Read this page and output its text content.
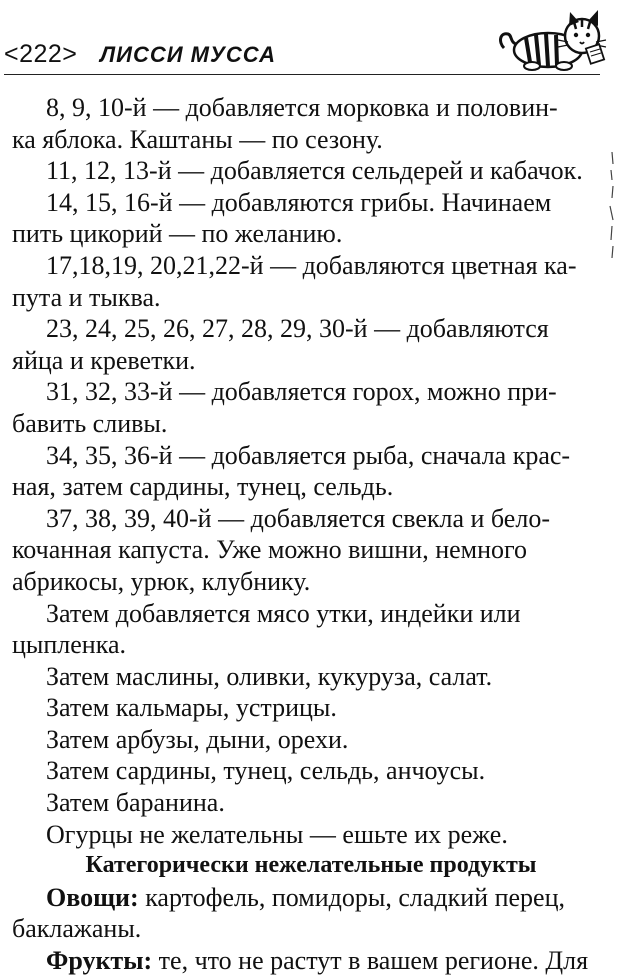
<222> ЛИССИ МУССА

8, 9, 10-й — добавляется морковка и половин-
ка яблока. Каштаны — по сезону.

11, 12, 13-й — добавляется сельдерей и кабачок.

14, 15, 16-й — добавляются грибы. Начинаем
пить цикорий — по желанию.

17,18,19, 20,21,22-й — добавляются цветная ка-
пута и тыква.

23, 24, 25, 26, 27, 28, 29, 30-й — добавляются
яйца и креветки.

31, 32, 33-й — добавляется горох, можно при-
бавить сливы.

34, 35, 36-й — добавляется рыба, сначала крас-
ная, затем сардины, тунец, сельдь.

37, 38, 39, 40-й — добавляется свекла и бело-
кочанная капуста. Уже можно вишни, немного
абрикосы, урюк, клубнику.

Затем добавляется мясо утки, индейки или
цыпленка.

Затем маслины, оливки, кукуруза, салат.

Затем кальмары, устрицы.

Затем арбузы, дыни, орехи.

Затем сардины, тунец, сельдь, анчоусы.

Затем баранина.

Огурцы не желательны — ешьте их реже.

Категорически нежелательные продукты

Овощи: картофель, помидоры, сладкий перец,
баклажаны.

Фрукты: те, что не растут в вашем регионе. Для
